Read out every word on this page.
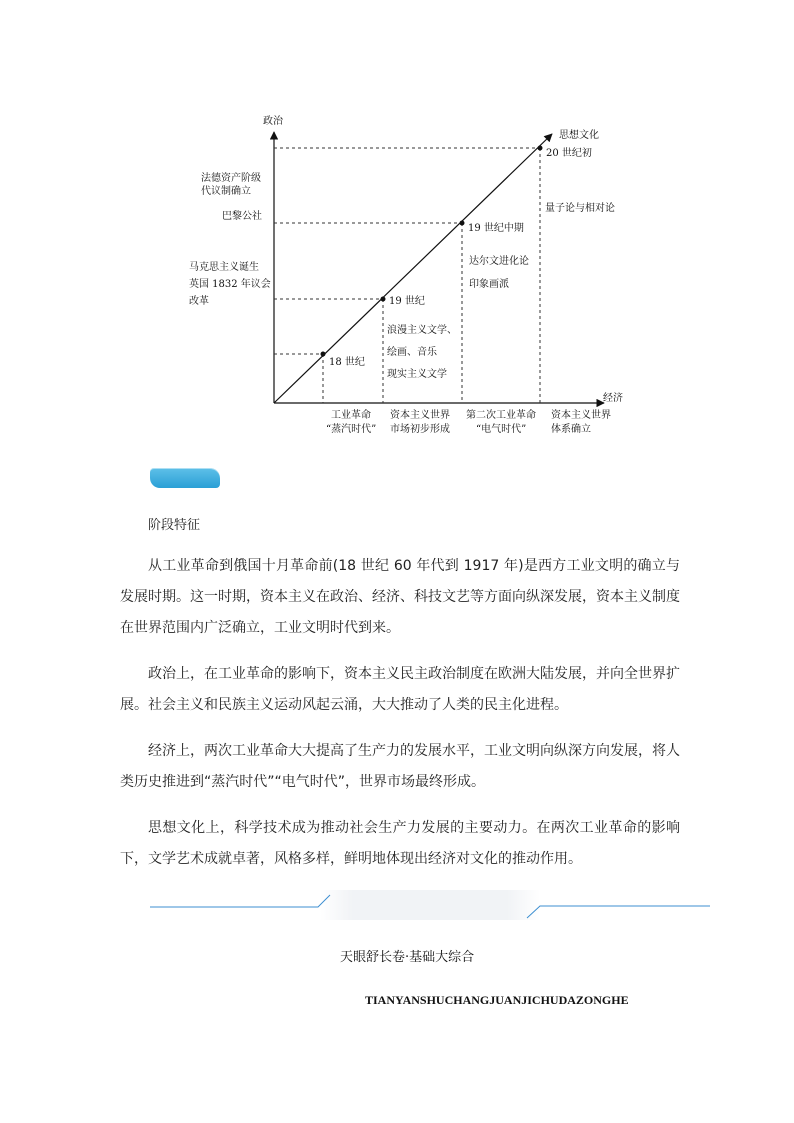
政治
经济
思想文化
18 世纪
19 世纪
19 世纪中期
20 世纪初
法德资产阶级
代议制确立
巴黎公社
马克思主义诞生
英国 1832 年议会
改革
浪漫主义文学、
绘画、音乐
现实主义文学
达尔文进化论
印象画派
量子论与相对论
工业革命
“蒸汽时代”
资本主义世界
市场初步形成
第二次工业革命
“电气时代”
资本主义世界
体系确立
阶段特征

从工业革命到俄国十月革命前(18 世纪 60 年代到 1917 年)是西方工业文明的确立与发展时期。这一时期，资本主义在政治、经济、科技文艺等方面向纵深发展，资本主义制度在世界范围内广泛确立，工业文明时代到来。

政治上，在工业革命的影响下，资本主义民主政治制度在欧洲大陆发展，并向全世界扩展。社会主义和民族主义运动风起云涌，大大推动了人类的民主化进程。

经济上，两次工业革命大大提高了生产力的发展水平，工业文明向纵深方向发展，将人类历史推进到“蒸汽时代”“电气时代”，世界市场最终形成。

思想文化上，科学技术成为推动社会生产力发展的主要动力。在两次工业革命的影响下，文学艺术成就卓著，风格多样，鲜明地体现出经济对文化的推动作用。

天眼舒长卷·基础大综合
TIANYANSHUCHANGJUANJICHUDAZONGHE
